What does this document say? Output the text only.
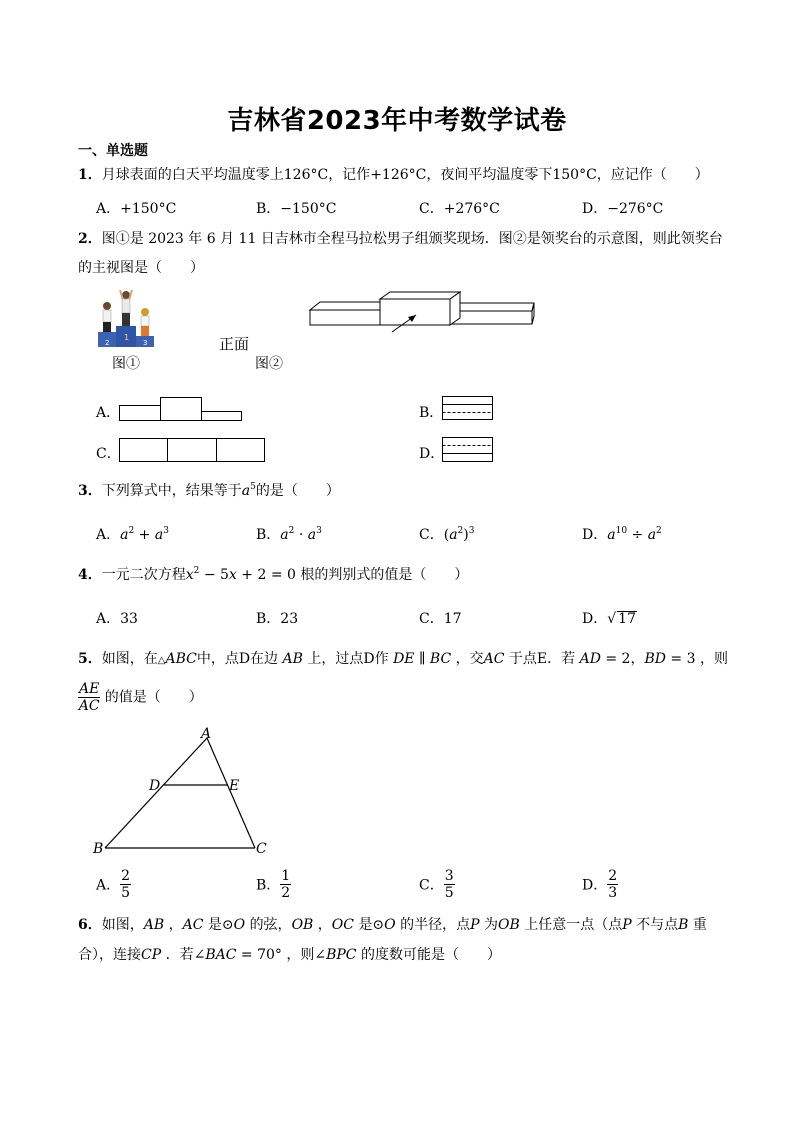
吉林省2023年中考数学试卷
一、单选题
1．月球表面的白天平均温度零上126°C，记作+126°C，夜间平均温度零下150°C，应记作（　　）
A．+150°C	B．−150°C	C．+276°C	D．−276°C
2．图①是 2023 年 6 月 11 日吉林市全程马拉松男子组颁奖现场．图②是领奖台的示意图，则此领奖台
的主视图是（　　）
2
1
3
图①
正面
图②
A．	B．
C．	D．
3．下列算式中，结果等于$a^5$的是（　　）
A．$a^2 + a^3$	B．$a^2 \cdot a^3$	C．$(a^2)^3$	D．$a^{10} \div a^2$
4．一元二次方程$x^2 - 5x + 2 = 0$ 根的判别式的值是（　　）
A．33	B．23	C．17	D．√ 17
5．如图，在△ABC中，点D在边 AB 上，过点D作 DE ∥ BC ，交AC 于点E．若 AD = 2，BD = 3 ，则
$\frac{AE}{AC}$ 的值是（　　）
A
B	C
D	E
A． $\frac{2}{5}$	B． $\frac{1}{2}$	C． $\frac{3}{5}$	D． $\frac{2}{3}$
6．如图，AB ，AC 是⊙O 的弦，OB ，OC 是⊙O 的半径，点P 为OB 上任意一点（点P 不与点B 重
合），连接CP ．若∠BAC = 70° ，则∠BPC 的度数可能是（　　）
